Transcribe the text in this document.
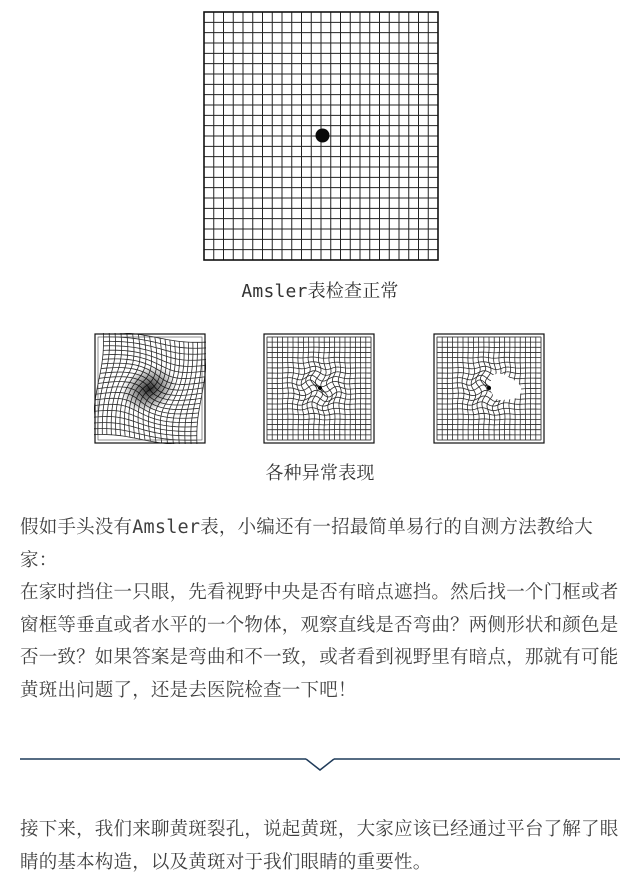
Amsler表检查正常
各种异常表现

假如手头没有Amsler表，小编还有一招最简单易行的自测方法教给大家：
在家时挡住一只眼，先看视野中央是否有暗点遮挡。然后找一个门框或者窗框等垂直或者水平的一个物体，观察直线是否弯曲？两侧形状和颜色是否一致？如果答案是弯曲和不一致，或者看到视野里有暗点，那就有可能黄斑出问题了，还是去医院检查一下吧！

接下来，我们来聊黄斑裂孔，说起黄斑，大家应该已经通过平台了解了眼睛的基本构造，以及黄斑对于我们眼睛的重要性。
